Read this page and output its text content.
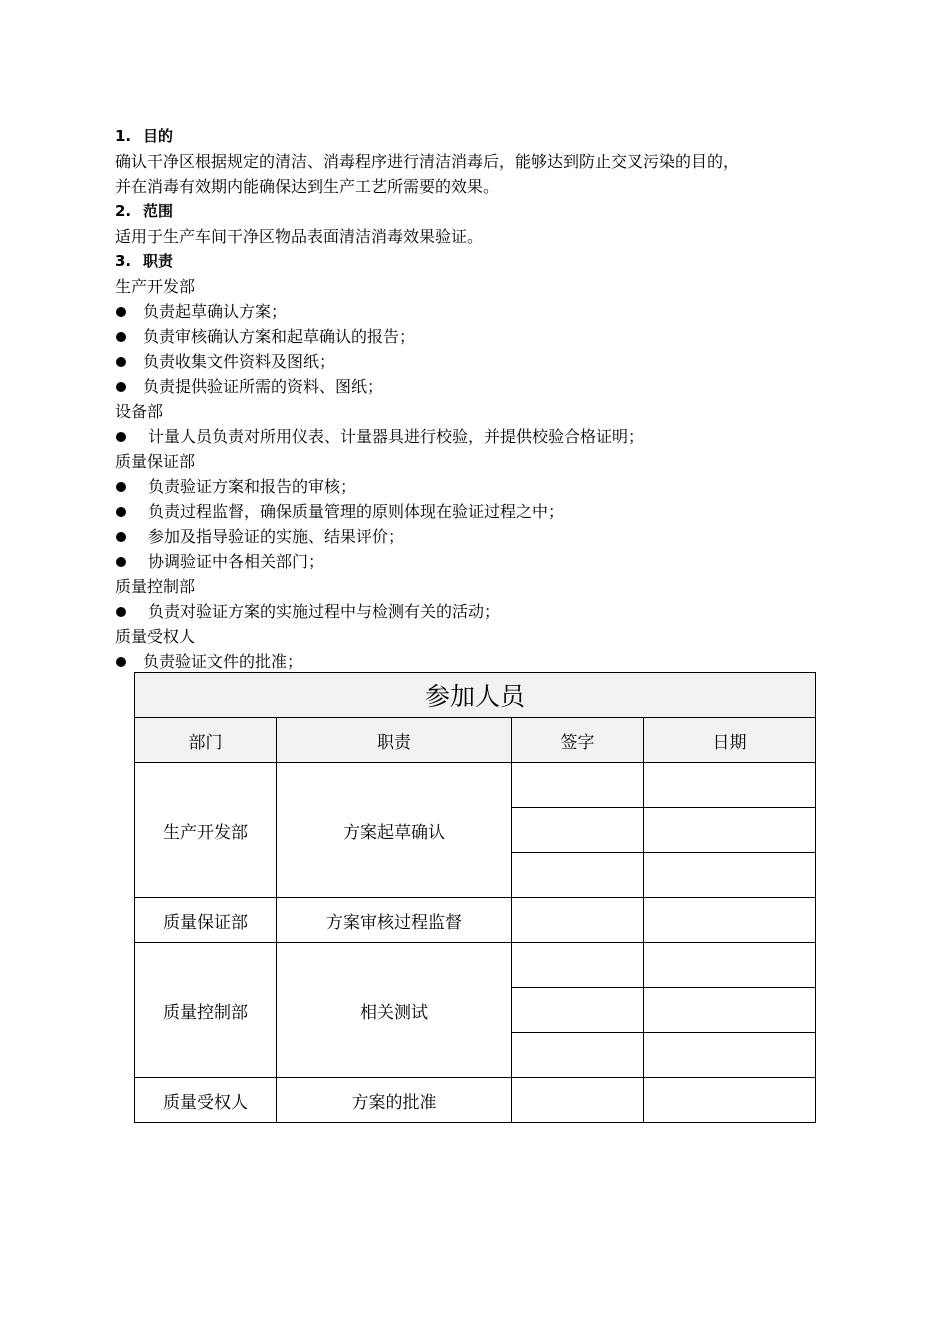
1. 目的
确认干净区根据规定的清洁、消毒程序进行清洁消毒后，能够达到防止交叉污染的目的，
并在消毒有效期内能确保达到生产工艺所需要的效果。
2. 范围
适用于生产车间干净区物品表面清洁消毒效果验证。
3. 职责
生产开发部
负责起草确认方案；
负责审核确认方案和起草确认的报告；
负责收集文件资料及图纸；
负责提供验证所需的资料、图纸；
设备部
计量人员负责对所用仪表、计量器具进行校验，并提供校验合格证明；
质量保证部
负责验证方案和报告的审核；
负责过程监督，确保质量管理的原则体现在验证过程之中；
参加及指导验证的实施、结果评价；
协调验证中各相关部门；
质量控制部
负责对验证方案的实施过程中与检测有关的活动；
质量受权人
负责验证文件的批准；
参加人员			
部门	职责	签字	日期
生产开发部	方案起草确认		

质量保证部	方案审核过程监督		
质量控制部	相关测试		

质量受权人	方案的批准		
